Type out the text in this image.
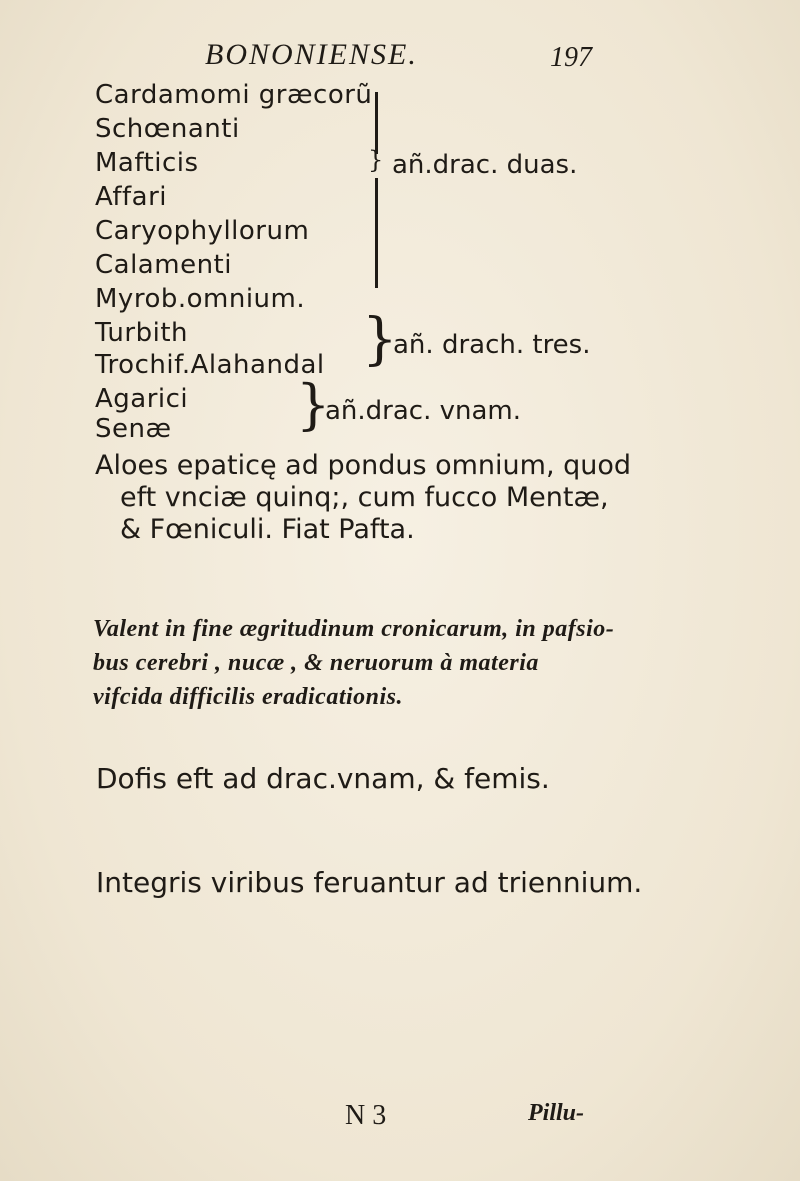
BONONIENSE.	197
Cardamomi græcorũ
Schœnanti
Mafticis
Affari
Caryophyllorum
Calamenti
Myrob.omnium.
} añ.drac. duas.
Turbith
Trochif.Alahandal }
añ. drach. tres.
Agarici
Senæ }
añ.drac. vnam.
Aloes epaticę ad pondus omnium, quod
eft vnciæ quinq;, cum fucco Mentæ,
& Fœniculi. Fiat Pafta.
Valent in fine ægritudinum cronicarum, in pafsio-
bus cerebri , nucæ , & neruorum à materia
vifcida difficilis eradicationis.
Dofis eft ad drac.vnam, & femis.
Integris viribus feruantur ad triennium.
N 3	Pillu-
